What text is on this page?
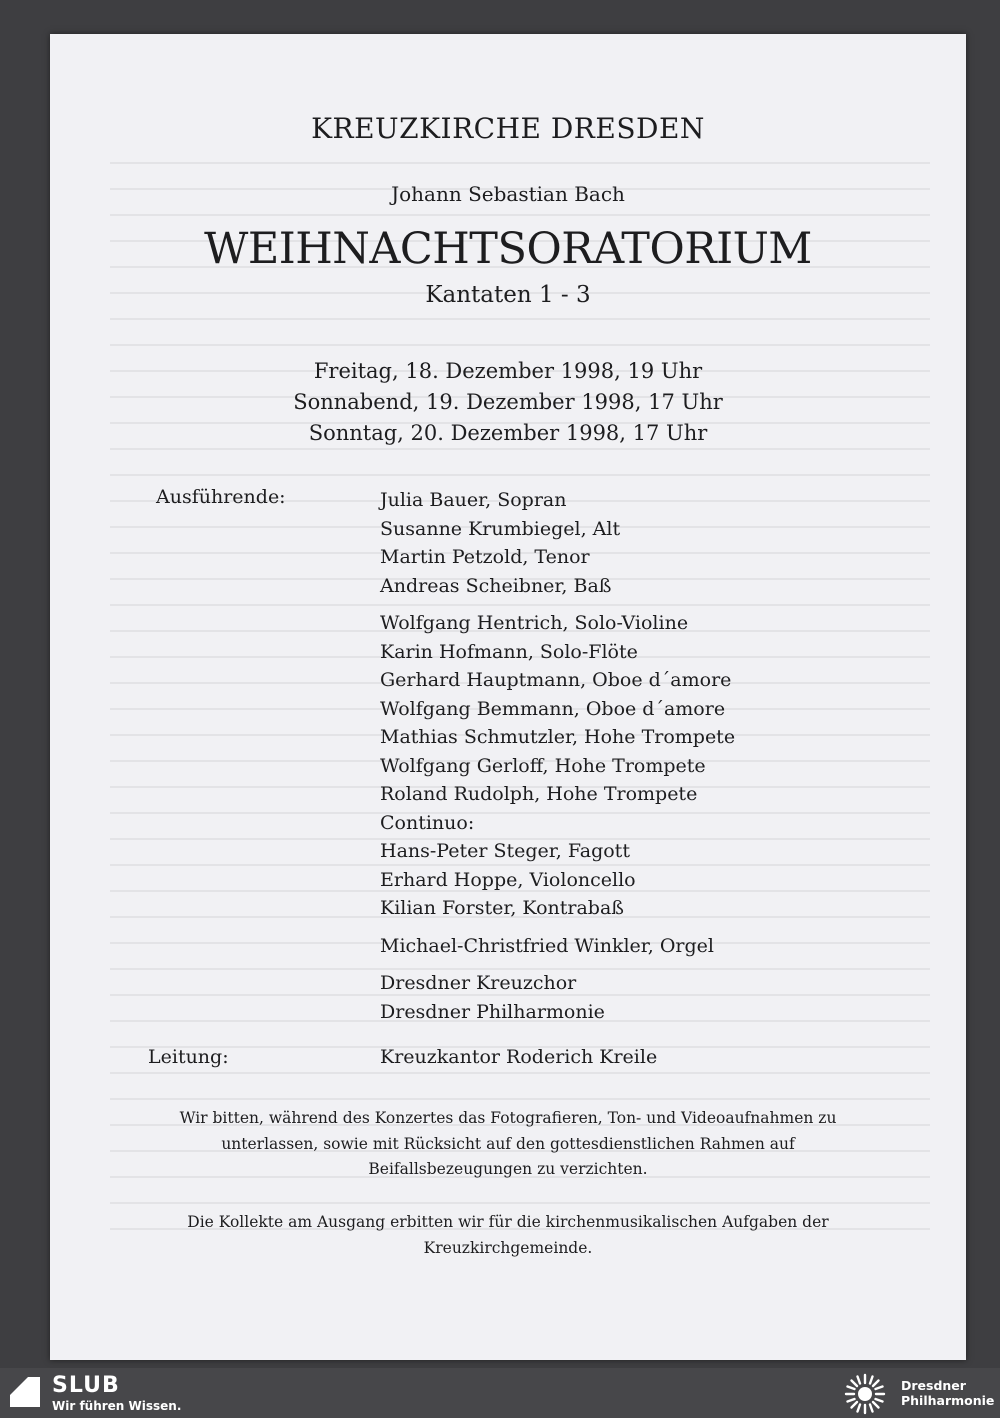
KREUZKIRCHE DRESDEN
Johann Sebastian Bach
WEIHNACHTSORATORIUM
Kantaten 1 - 3
Freitag, 18. Dezember 1998, 19 Uhr
Sonnabend, 19. Dezember 1998, 17 Uhr
Sonntag, 20. Dezember 1998, 17 Uhr
Ausführende:	Julia Bauer, Sopran
Susanne Krumbiegel, Alt
Martin Petzold, Tenor
Andreas Scheibner, Baß
Wolfgang Hentrich, Solo-Violine
Karin Hofmann, Solo-Flöte
Gerhard Hauptmann, Oboe d´amore
Wolfgang Bemmann, Oboe d´amore
Mathias Schmutzler, Hohe Trompete
Wolfgang Gerloff, Hohe Trompete
Roland Rudolph, Hohe Trompete
Continuo:
Hans-Peter Steger, Fagott
Erhard Hoppe, Violoncello
Kilian Forster, Kontrabaß
Michael-Christfried Winkler, Orgel
Dresdner Kreuzchor
Dresdner Philharmonie
Leitung:	Kreuzkantor Roderich Kreile
Wir bitten, während des Konzertes das Fotografieren, Ton- und Videoaufnahmen zu
unterlassen, sowie mit Rücksicht auf den gottesdienstlichen Rahmen auf
Beifallsbezeugungen zu verzichten.
Die Kollekte am Ausgang erbitten wir für die kirchenmusikalischen Aufgaben der
Kreuzkirchgemeinde.
SLUB
Wir führen Wissen.
Dresdner
Philharmonie
